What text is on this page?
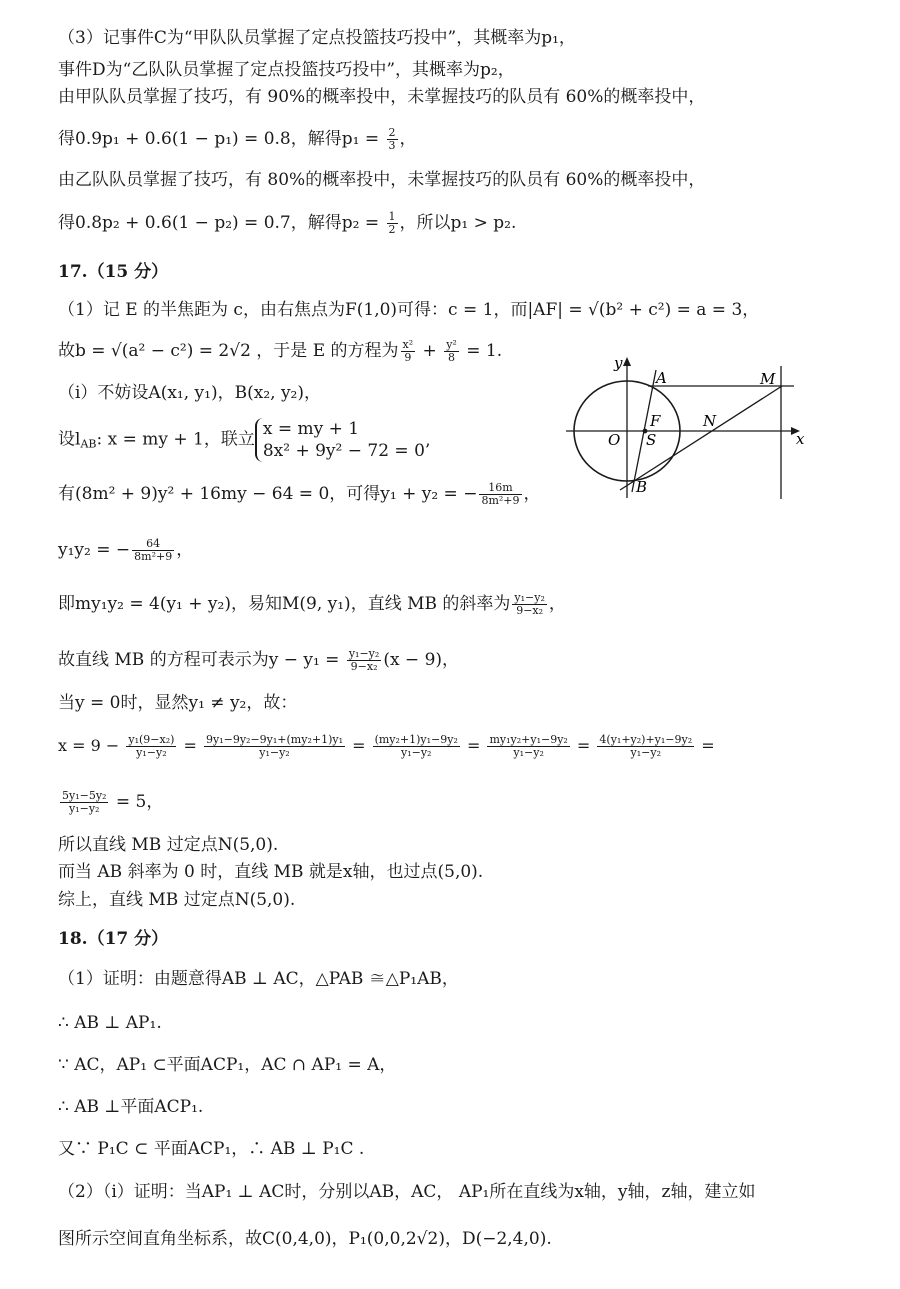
（3）记事件C为“甲队队员掌握了定点投篮技巧投中”，其概率为p₁，
事件D为“乙队队员掌握了定点投篮技巧投中”，其概率为p₂，
由甲队队员掌握了技巧，有 90%的概率投中，未掌握技巧的队员有 60%的概率投中，
得0.9p₁ + 0.6(1 − p₁) = 0.8，解得$p_1 = \frac{2}{3}$ ，
由乙队队员掌握了技巧，有 80%的概率投中，未掌握技巧的队员有 60%的概率投中，
得0.8p₂ + 0.6(1 − p₂) = 0.7，解得$p_2 = \frac{1}{2}$ ，所以p₁ > p₂.
17.（15 分）
（1）记 E 的半焦距为 c，由右焦点为F(1,0)可得：c = 1，而|AF| = √(b² + c²) = a = 3，
故b = √(a² − c²) = 2√2 ，于是 E 的方程为 $\frac{\text{x²}}{9} + \frac{\text{y²}}{8} = 1$.
（i）不妨设A(x₁, y₁)，B(x₂, y₂)，
设$l_{AB}$: x = my + 1，联立
x = my + 1
8x² + 9y² − 72 = 0’
有(8m² + 9)y² + 16my − 64 = 0，可得y₁ + y₂ = − $\frac{16m}{\text{8m²+9}}$ ，
y₁y₂ = − $\frac{64}{\text{8m²+9}}$ ，
即my₁y₂ = 4(y₁ + y₂)，易知M(9, y₁)，直线 MB 的斜率为 $\frac{\text{y₁−y₂}}{\text{9−x₂}}$ ，
故直线 MB 的方程可表示为$y - y_1 = \frac{\text{y₁−y₂}}{\text{9−x₂}} (x - 9)$，
当y = 0时，显然y₁ ≠ y₂，故：
$x = 9 - \frac{\text{y₁(9−x₂)}}{\text{y₁−y₂}} = \frac{\text{9y₁−9y₂−9y₁+(my₂+1)y₁}}{\text{y₁−y₂}} = \frac{\text{(my₂+1)y₁−9y₂}}{\text{y₁−y₂}} = \frac{\text{my₁y₂+y₁−9y₂}}{\text{y₁−y₂}} = \frac{\text{4(y₁+y₂)+y₁−9y₂}}{\text{y₁−y₂}}$ =
$\frac{\text{5y₁−5y₂}}{\text{y₁−y₂}} = 5$，
所以直线 MB 过定点N(5,0).
而当 AB 斜率为 0 时，直线 MB 就是x轴，也过点(5,0).
综上，直线 MB 过定点N(5,0).
18.（17 分）
（1）证明：由题意得AB ⊥ AC，△PAB ≅△P₁AB，
∴ AB ⊥ AP₁.
∵ AC，AP₁ ⊂平面ACP₁，AC ∩ AP₁ = A，
∴ AB ⊥平面ACP₁.
又∵ P₁C ⊂ 平面ACP₁，∴ AB ⊥ P₁C .
（2）（i）证明：当AP₁ ⊥ AC时，分别以AB，AC， AP₁所在直线为x轴，y轴，z轴，建立如
图所示空间直角坐标系，故C(0,4,0)，P₁(0,0,2√2)，D(−2,4,0).
y
x
A	M
F
S
O
N
B
